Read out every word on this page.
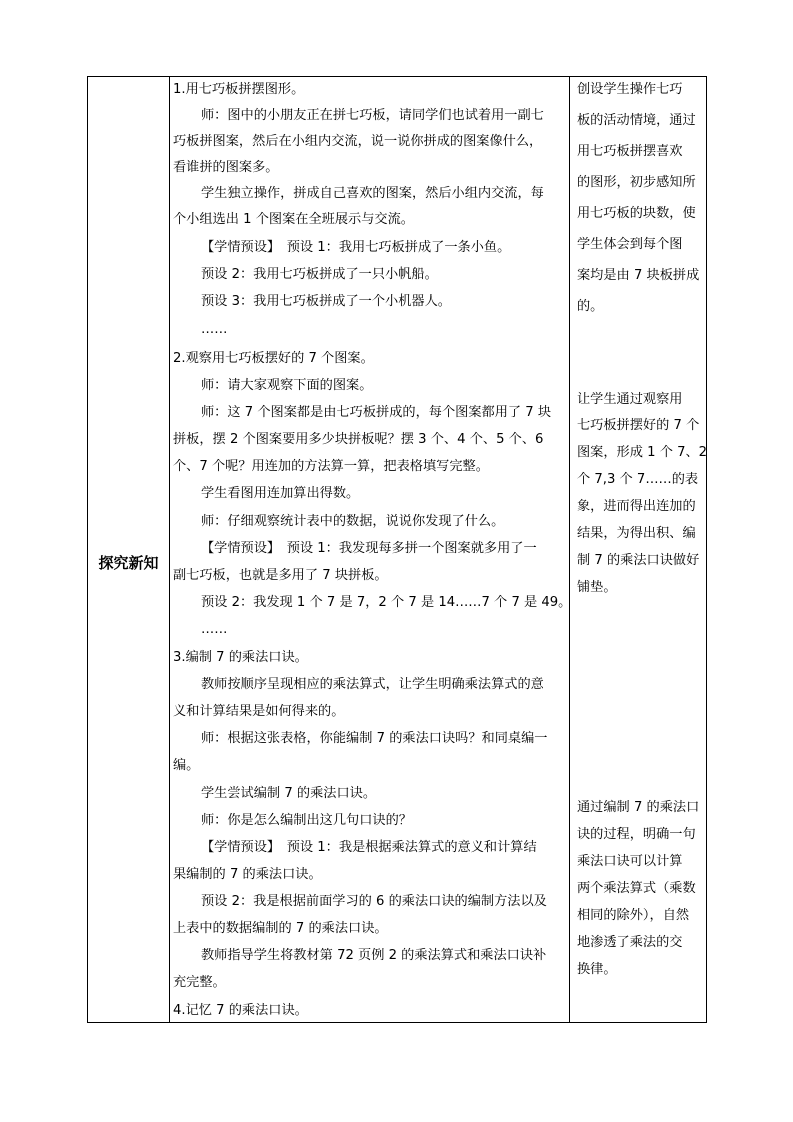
探究新知
1.用七巧板拼摆图形。
师：图中的小朋友正在拼七巧板，请同学们也试着用一副七
巧板拼图案，然后在小组内交流，说一说你拼成的图案像什么，
看谁拼的图案多。
学生独立操作，拼成自己喜欢的图案，然后小组内交流，每
个小组选出 1 个图案在全班展示与交流。
【学情预设】　预设 1：我用七巧板拼成了一条小鱼。
预设 2：我用七巧板拼成了一只小帆船。
预设 3：我用七巧板拼成了一个小机器人。
……
2.观察用七巧板摆好的 7 个图案。
师：请大家观察下面的图案。
师：这 7 个图案都是由七巧板拼成的，每个图案都用了 7 块
拼板，摆 2 个图案要用多少块拼板呢？摆 3 个、4 个、5 个、6
个、7 个呢？用连加的方法算一算，把表格填写完整。
学生看图用连加算出得数。
师：仔细观察统计表中的数据，说说你发现了什么。
【学情预设】　预设 1：我发现每多拼一个图案就多用了一
副七巧板，也就是多用了 7 块拼板。
预设 2：我发现 1 个 7 是 7，2 个 7 是 14……7 个 7 是 49。
……
3.编制 7 的乘法口诀。
教师按顺序呈现相应的乘法算式，让学生明确乘法算式的意
义和计算结果是如何得来的。
师：根据这张表格，你能编制 7 的乘法口诀吗？和同桌编一
编。
学生尝试编制 7 的乘法口诀。
师：你是怎么编制出这几句口诀的？
【学情预设】　预设 1：我是根据乘法算式的意义和计算结
果编制的 7 的乘法口诀。
预设 2：我是根据前面学习的 6 的乘法口诀的编制方法以及
上表中的数据编制的 7 的乘法口诀。
教师指导学生将教材第 72 页例 2 的乘法算式和乘法口诀补
充完整。
4.记忆 7 的乘法口诀。
创设学生操作七巧
板的活动情境，通过
用七巧板拼摆喜欢
的图形，初步感知所
用七巧板的块数，使
学生体会到每个图
案均是由 7 块板拼成
的。
让学生通过观察用
七巧板拼摆好的 7 个
图案，形成 1 个 7、2
个 7,3 个 7……的表
象，进而得出连加的
结果，为得出积、编
制 7 的乘法口诀做好
铺垫。
通过编制 7 的乘法口
诀的过程，明确一句
乘法口诀可以计算
两个乘法算式（乘数
相同的除外），自然
地渗透了乘法的交
换律。
